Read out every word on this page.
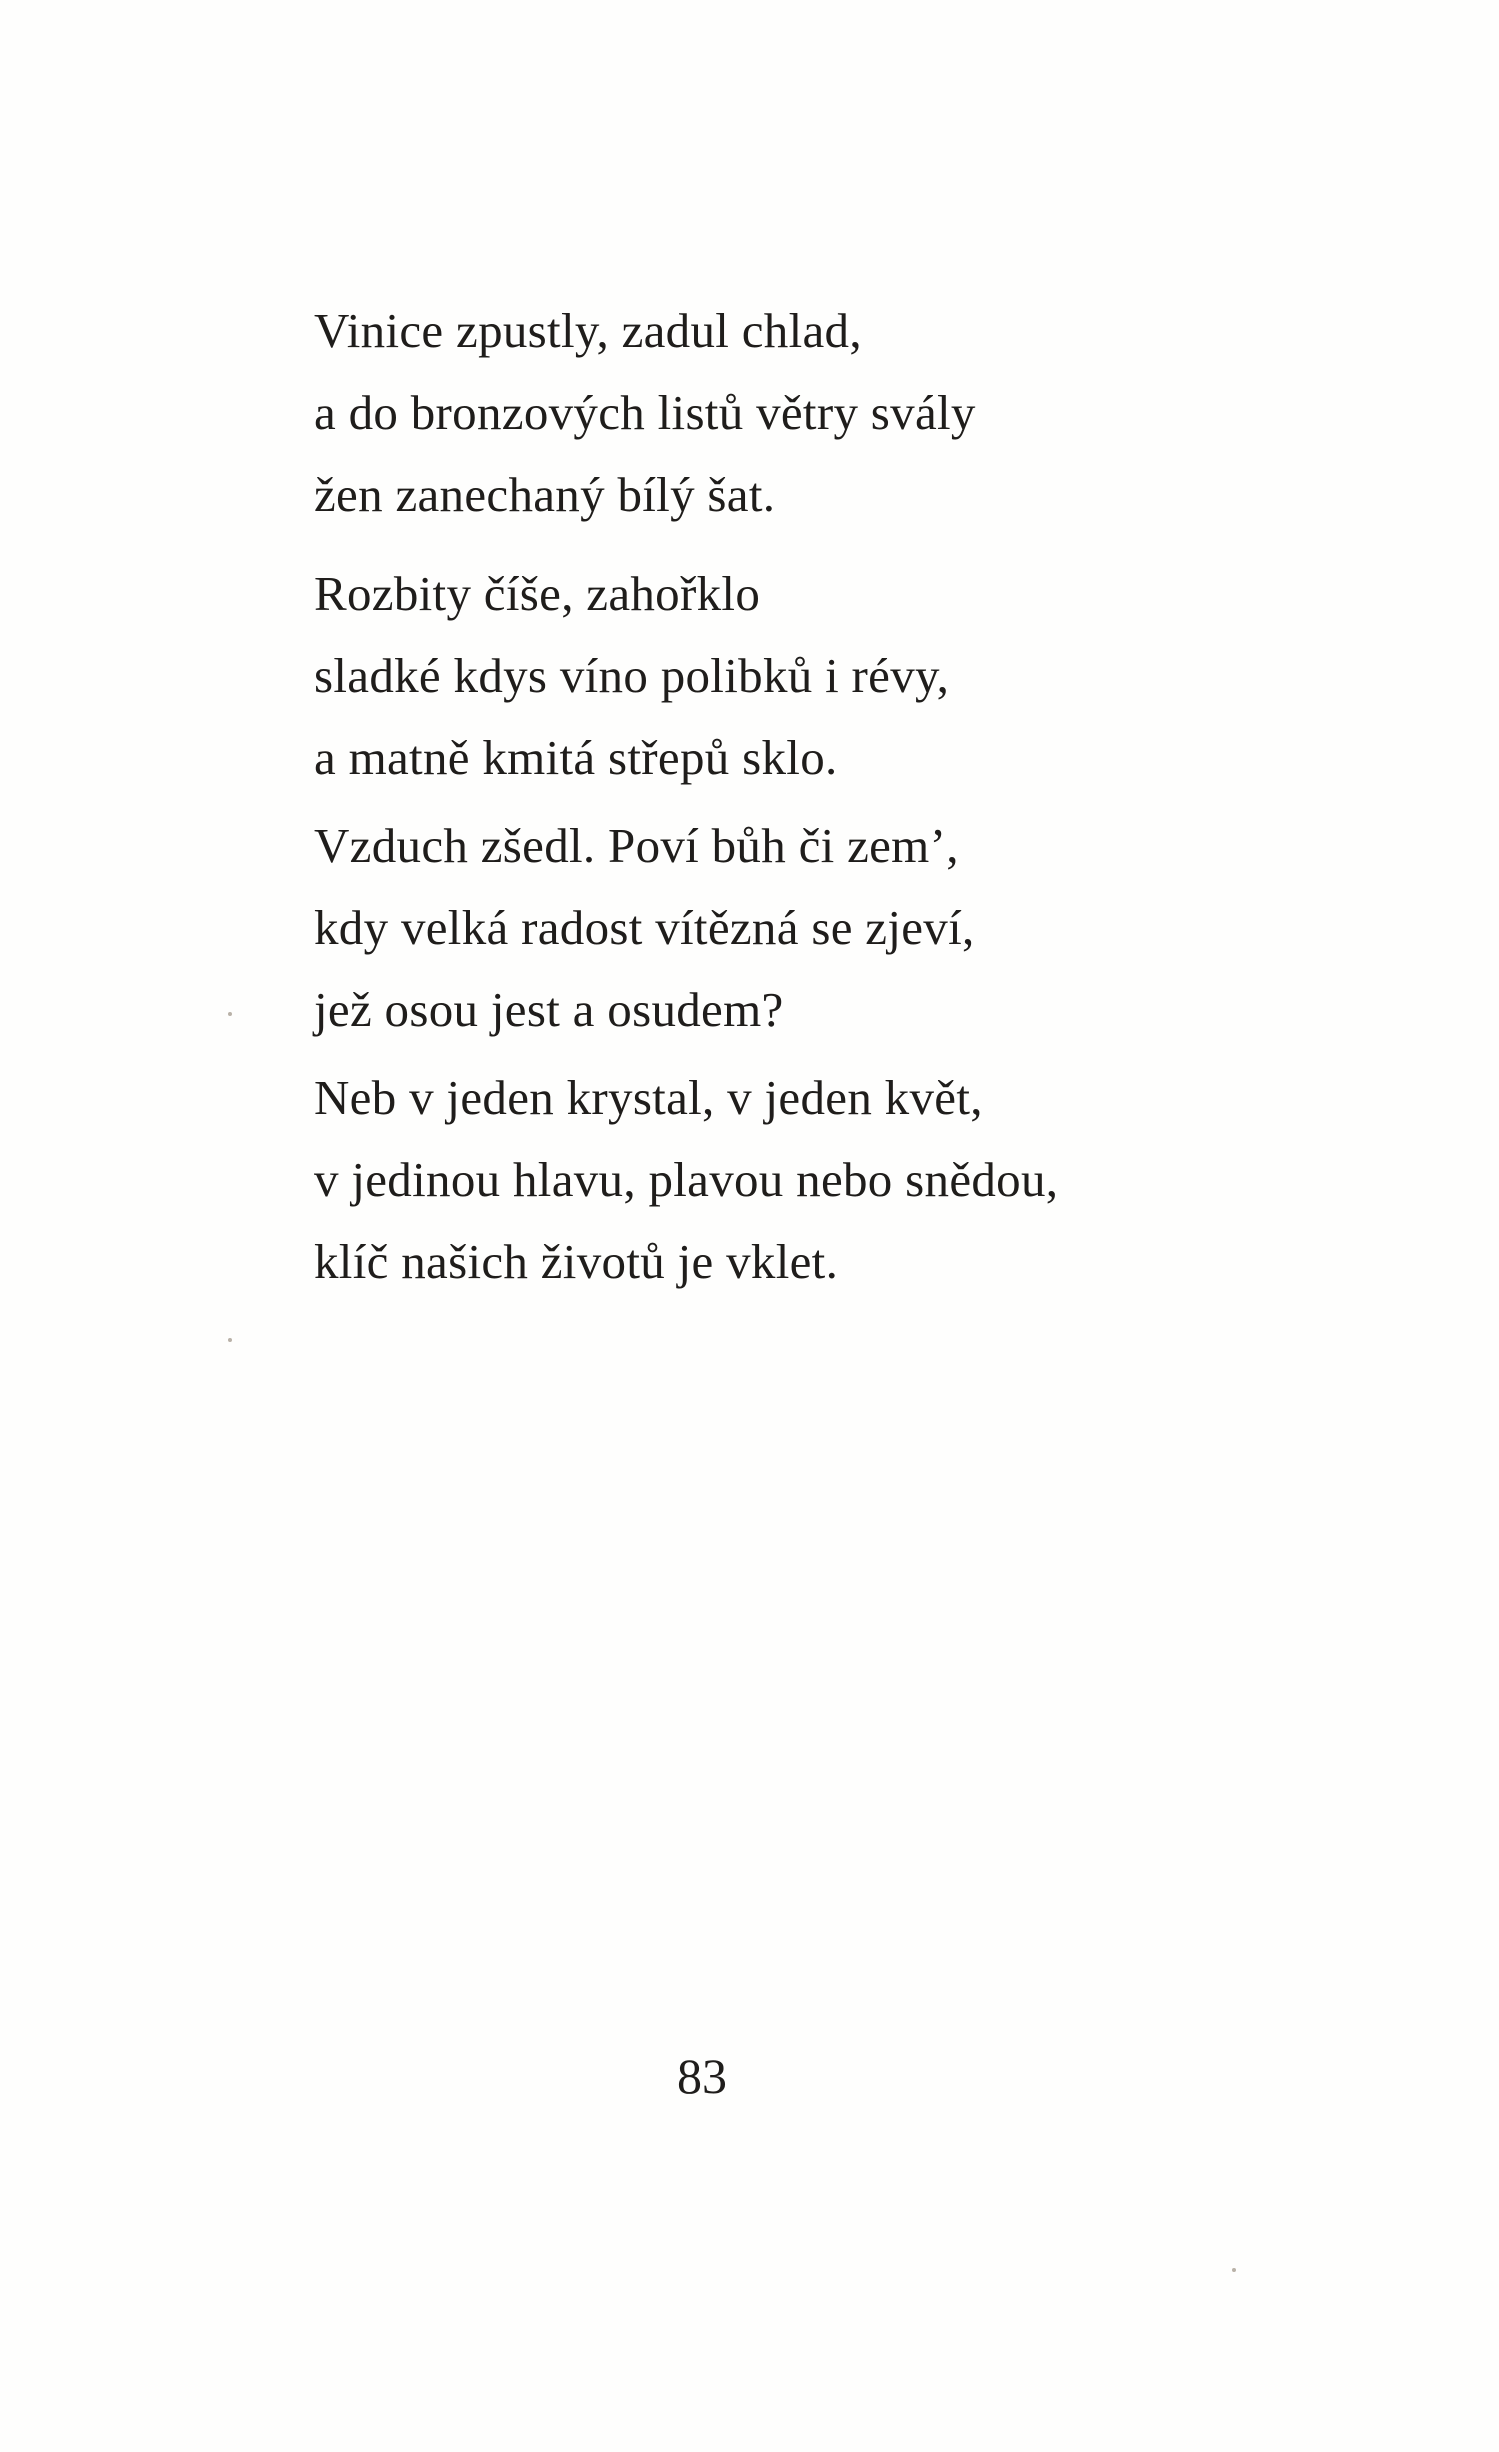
Vinice zpustly, zadul chlad,
a do bronzových listů větry svály
žen zanechaný bílý šat.
Rozbity číše, zahořklo
sladké kdys víno polibků i révy,
a matně kmitá střepů sklo.
Vzduch zšedl. Poví bůh či zem’,
kdy velká radost vítězná se zjeví,
jež osou jest a osudem?
Neb v jeden krystal, v jeden květ,
v jedinou hlavu, plavou nebo snědou,
klíč našich životů je vklet.
83
